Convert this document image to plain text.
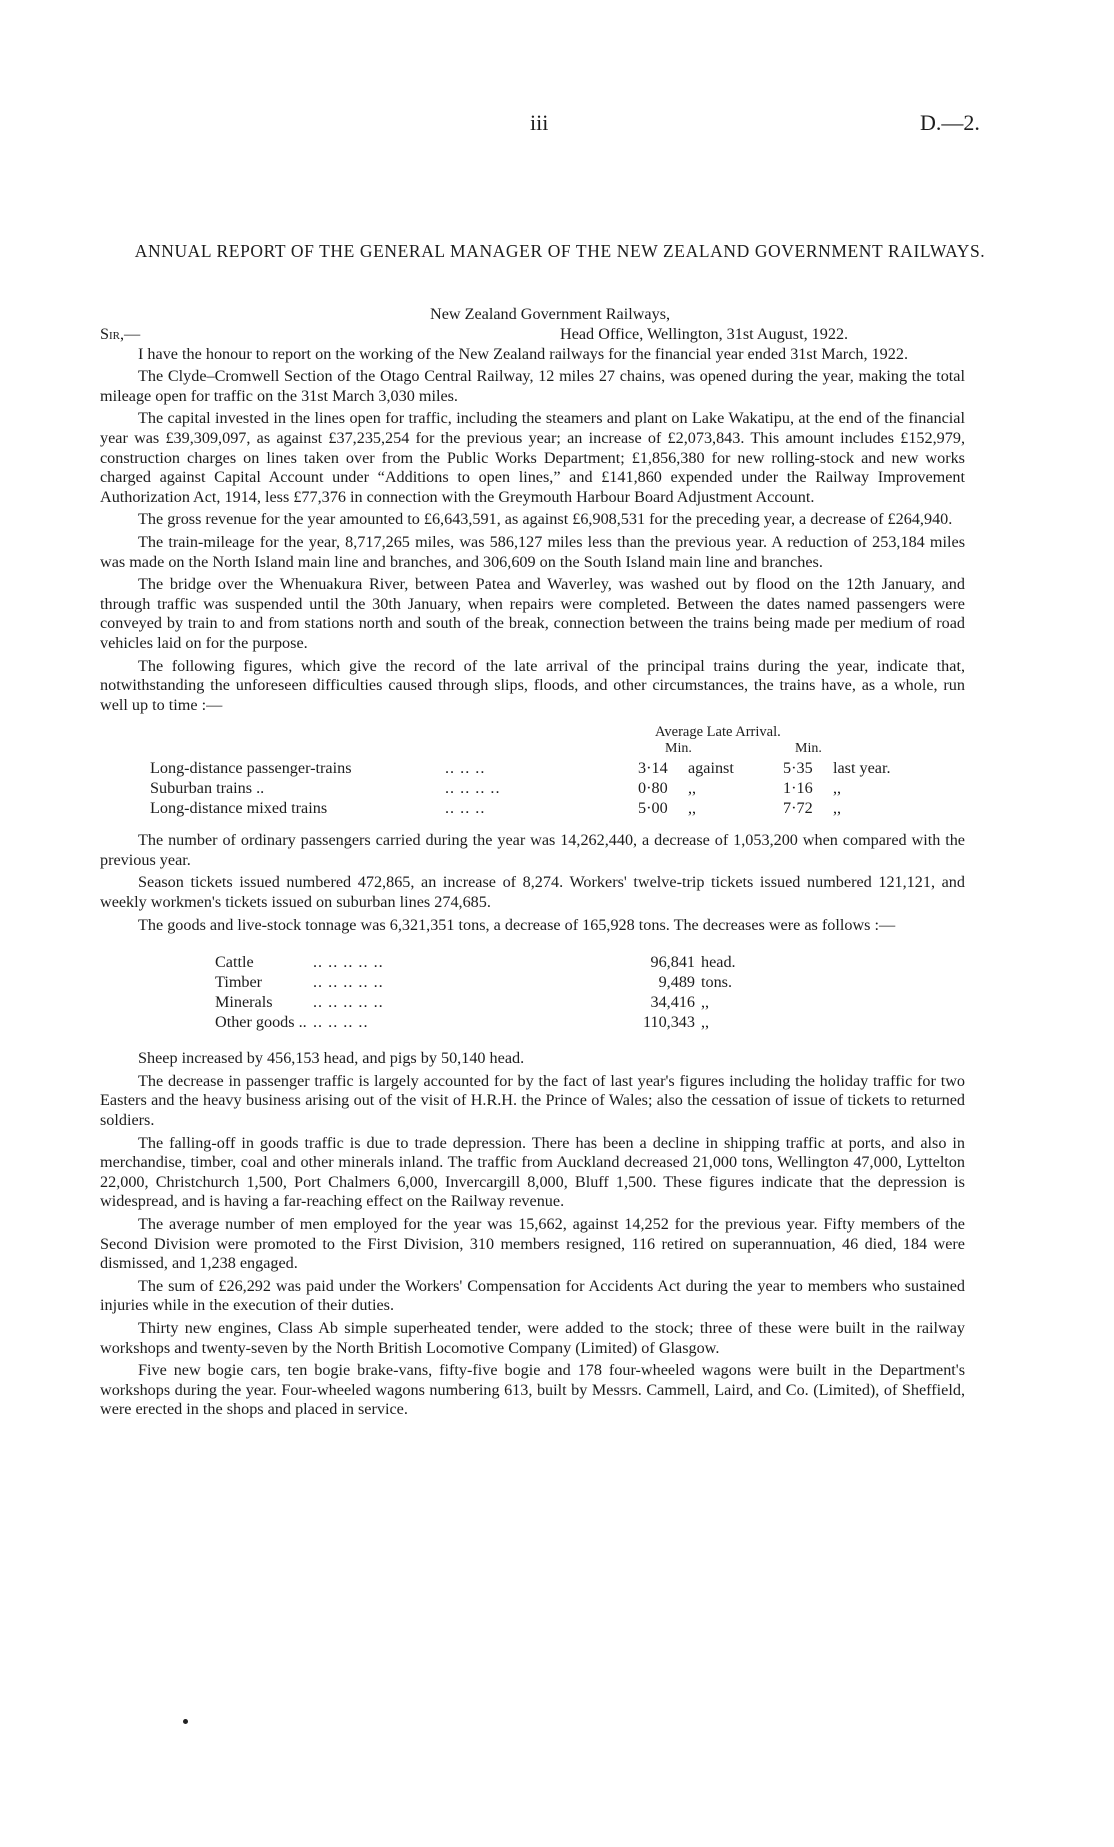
iii	D.—2.
ANNUAL REPORT OF THE GENERAL MANAGER OF THE NEW ZEALAND GOVERNMENT RAILWAYS.
New Zealand Government Railways,
Sir,—	Head Office, Wellington, 31st August, 1922.

I have the honour to report on the working of the New Zealand railways for the financial year ended 31st March, 1922.

The Clyde–Cromwell Section of the Otago Central Railway, 12 miles 27 chains, was opened during the year, making the total mileage open for traffic on the 31st March 3,030 miles.

The capital invested in the lines open for traffic, including the steamers and plant on Lake Wakatipu, at the end of the financial year was £39,309,097, as against £37,235,254 for the previous year; an increase of £2,073,843. This amount includes £152,979, construction charges on lines taken over from the Public Works Department; £1,856,380 for new rolling-stock and new works charged against Capital Account under “Additions to open lines,” and £141,860 expended under the Railway Improvement Authorization Act, 1914, less £77,376 in connection with the Greymouth Harbour Board Adjustment Account.

The gross revenue for the year amounted to £6,643,591, as against £6,908,531 for the preceding year, a decrease of £264,940.

The train-mileage for the year, 8,717,265 miles, was 586,127 miles less than the previous year. A reduction of 253,184 miles was made on the North Island main line and branches, and 306,609 on the South Island main line and branches.

The bridge over the Whenuakura River, between Patea and Waverley, was washed out by flood on the 12th January, and through traffic was suspended until the 30th January, when repairs were completed. Between the dates named passengers were conveyed by train to and from stations north and south of the break, connection between the trains being made per medium of road vehicles laid on for the purpose.

The following figures, which give the record of the late arrival of the principal trains during the year, indicate that, notwithstanding the unforeseen difficulties caused through slips, floods, and other circumstances, the trains have, as a whole, run well up to time :—

Average Late Arrival.
Min.	Min.
Long-distance passenger-trains	.. .. ..	3·14 against	5·35 last year.
Suburban trains ..	.. .. .. ..	0·80 ,,	1·16 ,,
Long-distance mixed trains	.. .. ..	5·00 ,,	7·72 ,,

The number of ordinary passengers carried during the year was 14,262,440, a decrease of 1,053,200 when compared with the previous year.

Season tickets issued numbered 472,865, an increase of 8,274. Workers' twelve-trip tickets issued numbered 121,121, and weekly workmen's tickets issued on suburban lines 274,685.

The goods and live-stock tonnage was 6,321,351 tons, a decrease of 165,928 tons. The decreases were as follows :—

Cattle	.. .. .. .. ..	96,841 head.
Timber	.. .. .. .. ..	9,489 tons.
Minerals .. .. .. .. ..	34,416 ,,
Other goods .. .. .. .. ..	110,343 ,,

Sheep increased by 456,153 head, and pigs by 50,140 head.

The decrease in passenger traffic is largely accounted for by the fact of last year's figures including the holiday traffic for two Easters and the heavy business arising out of the visit of H.R.H. the Prince of Wales; also the cessation of issue of tickets to returned soldiers.

The falling-off in goods traffic is due to trade depression. There has been a decline in shipping traffic at ports, and also in merchandise, timber, coal and other minerals inland. The traffic from Auckland decreased 21,000 tons, Wellington 47,000, Lyttelton 22,000, Christchurch 1,500, Port Chalmers 6,000, Invercargill 8,000, Bluff 1,500. These figures indicate that the depression is widespread, and is having a far-reaching effect on the Railway revenue.

The average number of men employed for the year was 15,662, against 14,252 for the previous year. Fifty members of the Second Division were promoted to the First Division, 310 members resigned, 116 retired on superannuation, 46 died, 184 were dismissed, and 1,238 engaged.

The sum of £26,292 was paid under the Workers' Compensation for Accidents Act during the year to members who sustained injuries while in the execution of their duties.

Thirty new engines, Class Ab simple superheated tender, were added to the stock; three of these were built in the railway workshops and twenty-seven by the North British Locomotive Company (Limited) of Glasgow.

Five new bogie cars, ten bogie brake-vans, fifty-five bogie and 178 four-wheeled wagons were built in the Department's workshops during the year. Four-wheeled wagons numbering 613, built by Messrs. Cammell, Laird, and Co. (Limited), of Sheffield, were erected in the shops and placed in service.
